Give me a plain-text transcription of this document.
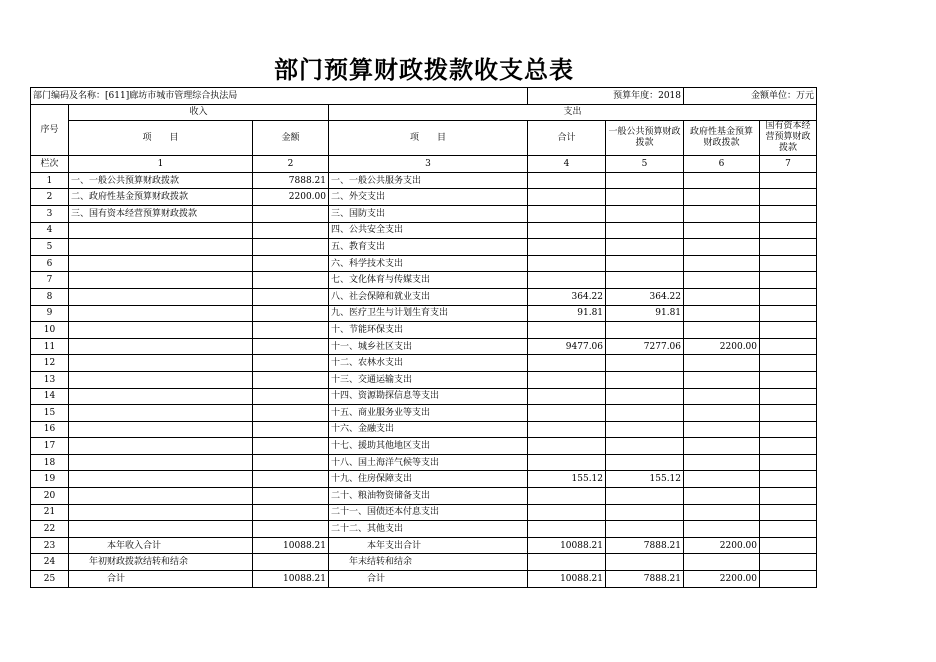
部门预算财政拨款收支总表
部门编码及名称：[611]廊坊市城市管理综合执法局				预算年度：2018		金额单位：万元	
序号	收入		支出				
	项　　目	金额	项　　目	合计	一般公共预算财政拨款	政府性基金预算财政拨款	国有资本经营预算财政拨款

栏次	1	2	3	4	5	6	7
1	一、一般公共预算财政拨款	7888.21	一、一般公共服务支出				
2	二、政府性基金预算财政拨款	2200.00	二、外交支出				
3	三、国有资本经营预算财政拨款		三、国防支出				
4			四、公共安全支出				
5			五、教育支出				
6			六、科学技术支出				
7			七、文化体育与传媒支出				
8			八、社会保障和就业支出	364.22	364.22		
9			九、医疗卫生与计划生育支出	91.81	91.81		
10			十、节能环保支出				
11			十一、城乡社区支出	9477.06	7277.06	2200.00	
12			十二、农林水支出				
13			十三、交通运输支出				
14			十四、资源勘探信息等支出				
15			十五、商业服务业等支出				
16			十六、金融支出				
17			十七、援助其他地区支出				
18			十八、国土海洋气候等支出				
19			十九、住房保障支出	155.12	155.12		
20			二十、粮油物资储备支出				
21			二十一、国债还本付息支出				
22			二十二、其他支出				
23	本年收入合计	10088.21	本年支出合计	10088.21	7888.21	2200.00	
24	年初财政拨款结转和结余		年末结转和结余				
25	合计	10088.21	合计	10088.21	7888.21	2200.00	
